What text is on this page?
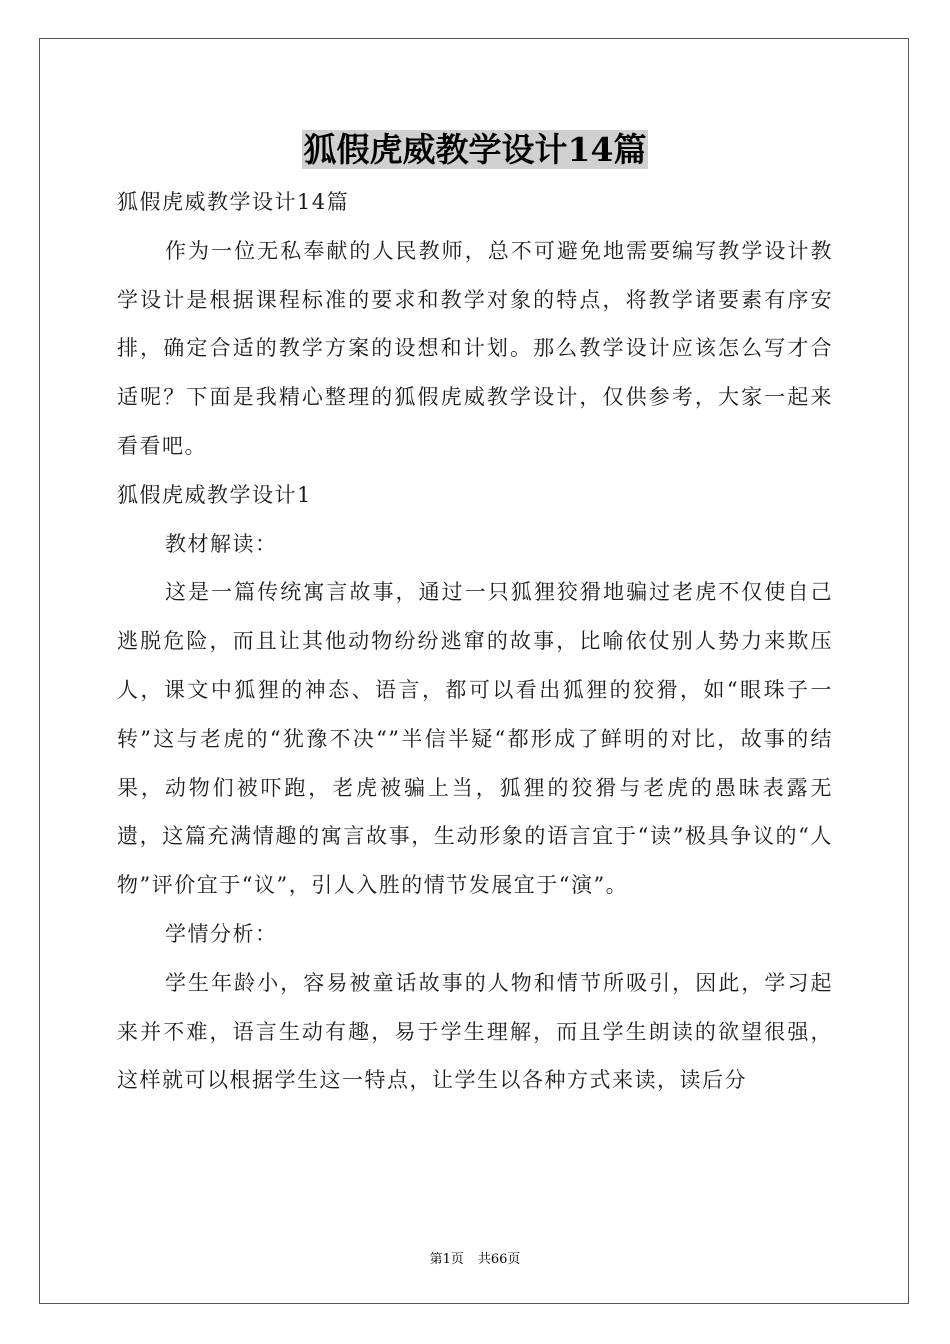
狐假虎威教学设计14篇

狐假虎威教学设计14篇

作为一位无私奉献的人民教师，总不可避免地需要编写教学设计教学设计是根据课程标准的要求和教学对象的特点，将教学诸要素有序安排，确定合适的教学方案的设想和计划。那么教学设计应该怎么写才合适呢？下面是我精心整理的狐假虎威教学设计，仅供参考，大家一起来看看吧。

狐假虎威教学设计1

教材解读：

这是一篇传统寓言故事，通过一只狐狸狡猾地骗过老虎不仅使自己逃脱危险，而且让其他动物纷纷逃窜的故事，比喻依仗别人势力来欺压人，课文中狐狸的神态、语言，都可以看出狐狸的狡猾，如“眼珠子一转”这与老虎的“犹豫不决“”半信半疑“都形成了鲜明的对比，故事的结果，动物们被吓跑，老虎被骗上当，狐狸的狡猾与老虎的愚昧表露无遗，这篇充满情趣的寓言故事，生动形象的语言宜于“读”极具争议的“人物”评价宜于“议”，引人入胜的情节发展宜于“演”。

学情分析：

学生年龄小，容易被童话故事的人物和情节所吸引，因此，学习起来并不难，语言生动有趣，易于学生理解，而且学生朗读的欲望很强，这样就可以根据学生这一特点，让学生以各种方式来读，读后分

第1页 共66页
